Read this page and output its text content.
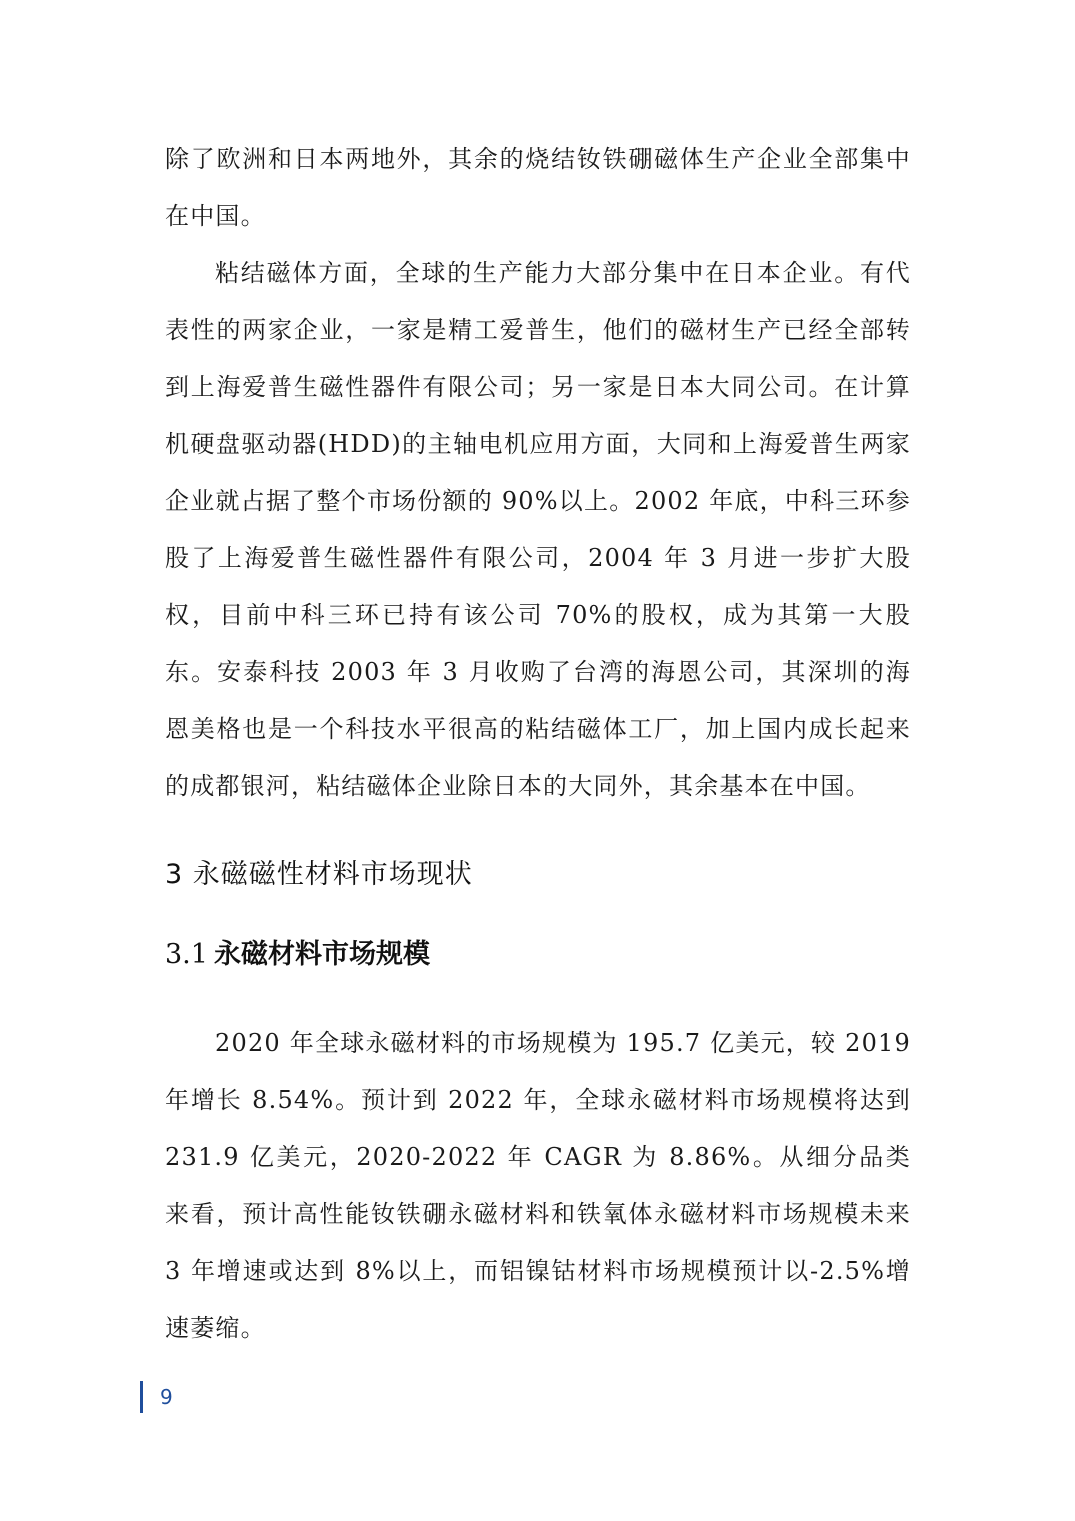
除了欧洲和日本两地外，其余的烧结钕铁硼磁体生产企业全部集中在中国。

粘结磁体方面，全球的生产能力大部分集中在日本企业。有代表性的两家企业，一家是精工爱普生，他们的磁材生产已经全部转到上海爱普生磁性器件有限公司；另一家是日本大同公司。在计算机硬盘驱动器(HDD)的主轴电机应用方面，大同和上海爱普生两家企业就占据了整个市场份额的 90%以上。2002 年底，中科三环参股了上海爱普生磁性器件有限公司，2004 年 3 月进一步扩大股权，目前中科三环已持有该公司 70%的股权，成为其第一大股东。安泰科技 2003 年 3 月收购了台湾的海恩公司，其深圳的海恩美格也是一个科技水平很高的粘结磁体工厂，加上国内成长起来的成都银河，粘结磁体企业除日本的大同外，其余基本在中国。

3 永磁磁性材料市场现状
3.1 永磁材料市场规模

2020 年全球永磁材料的市场规模为 195.7 亿美元，较 2019 年增长 8.54%。预计到 2022 年，全球永磁材料市场规模将达到 231.9 亿美元，2020-2022 年 CAGR 为 8.86%。从细分品类来看，预计高性能钕铁硼永磁材料和铁氧体永磁材料市场规模未来 3 年增速或达到 8%以上，而铝镍钴材料市场规模预计以-2.5%增速萎缩。

9
